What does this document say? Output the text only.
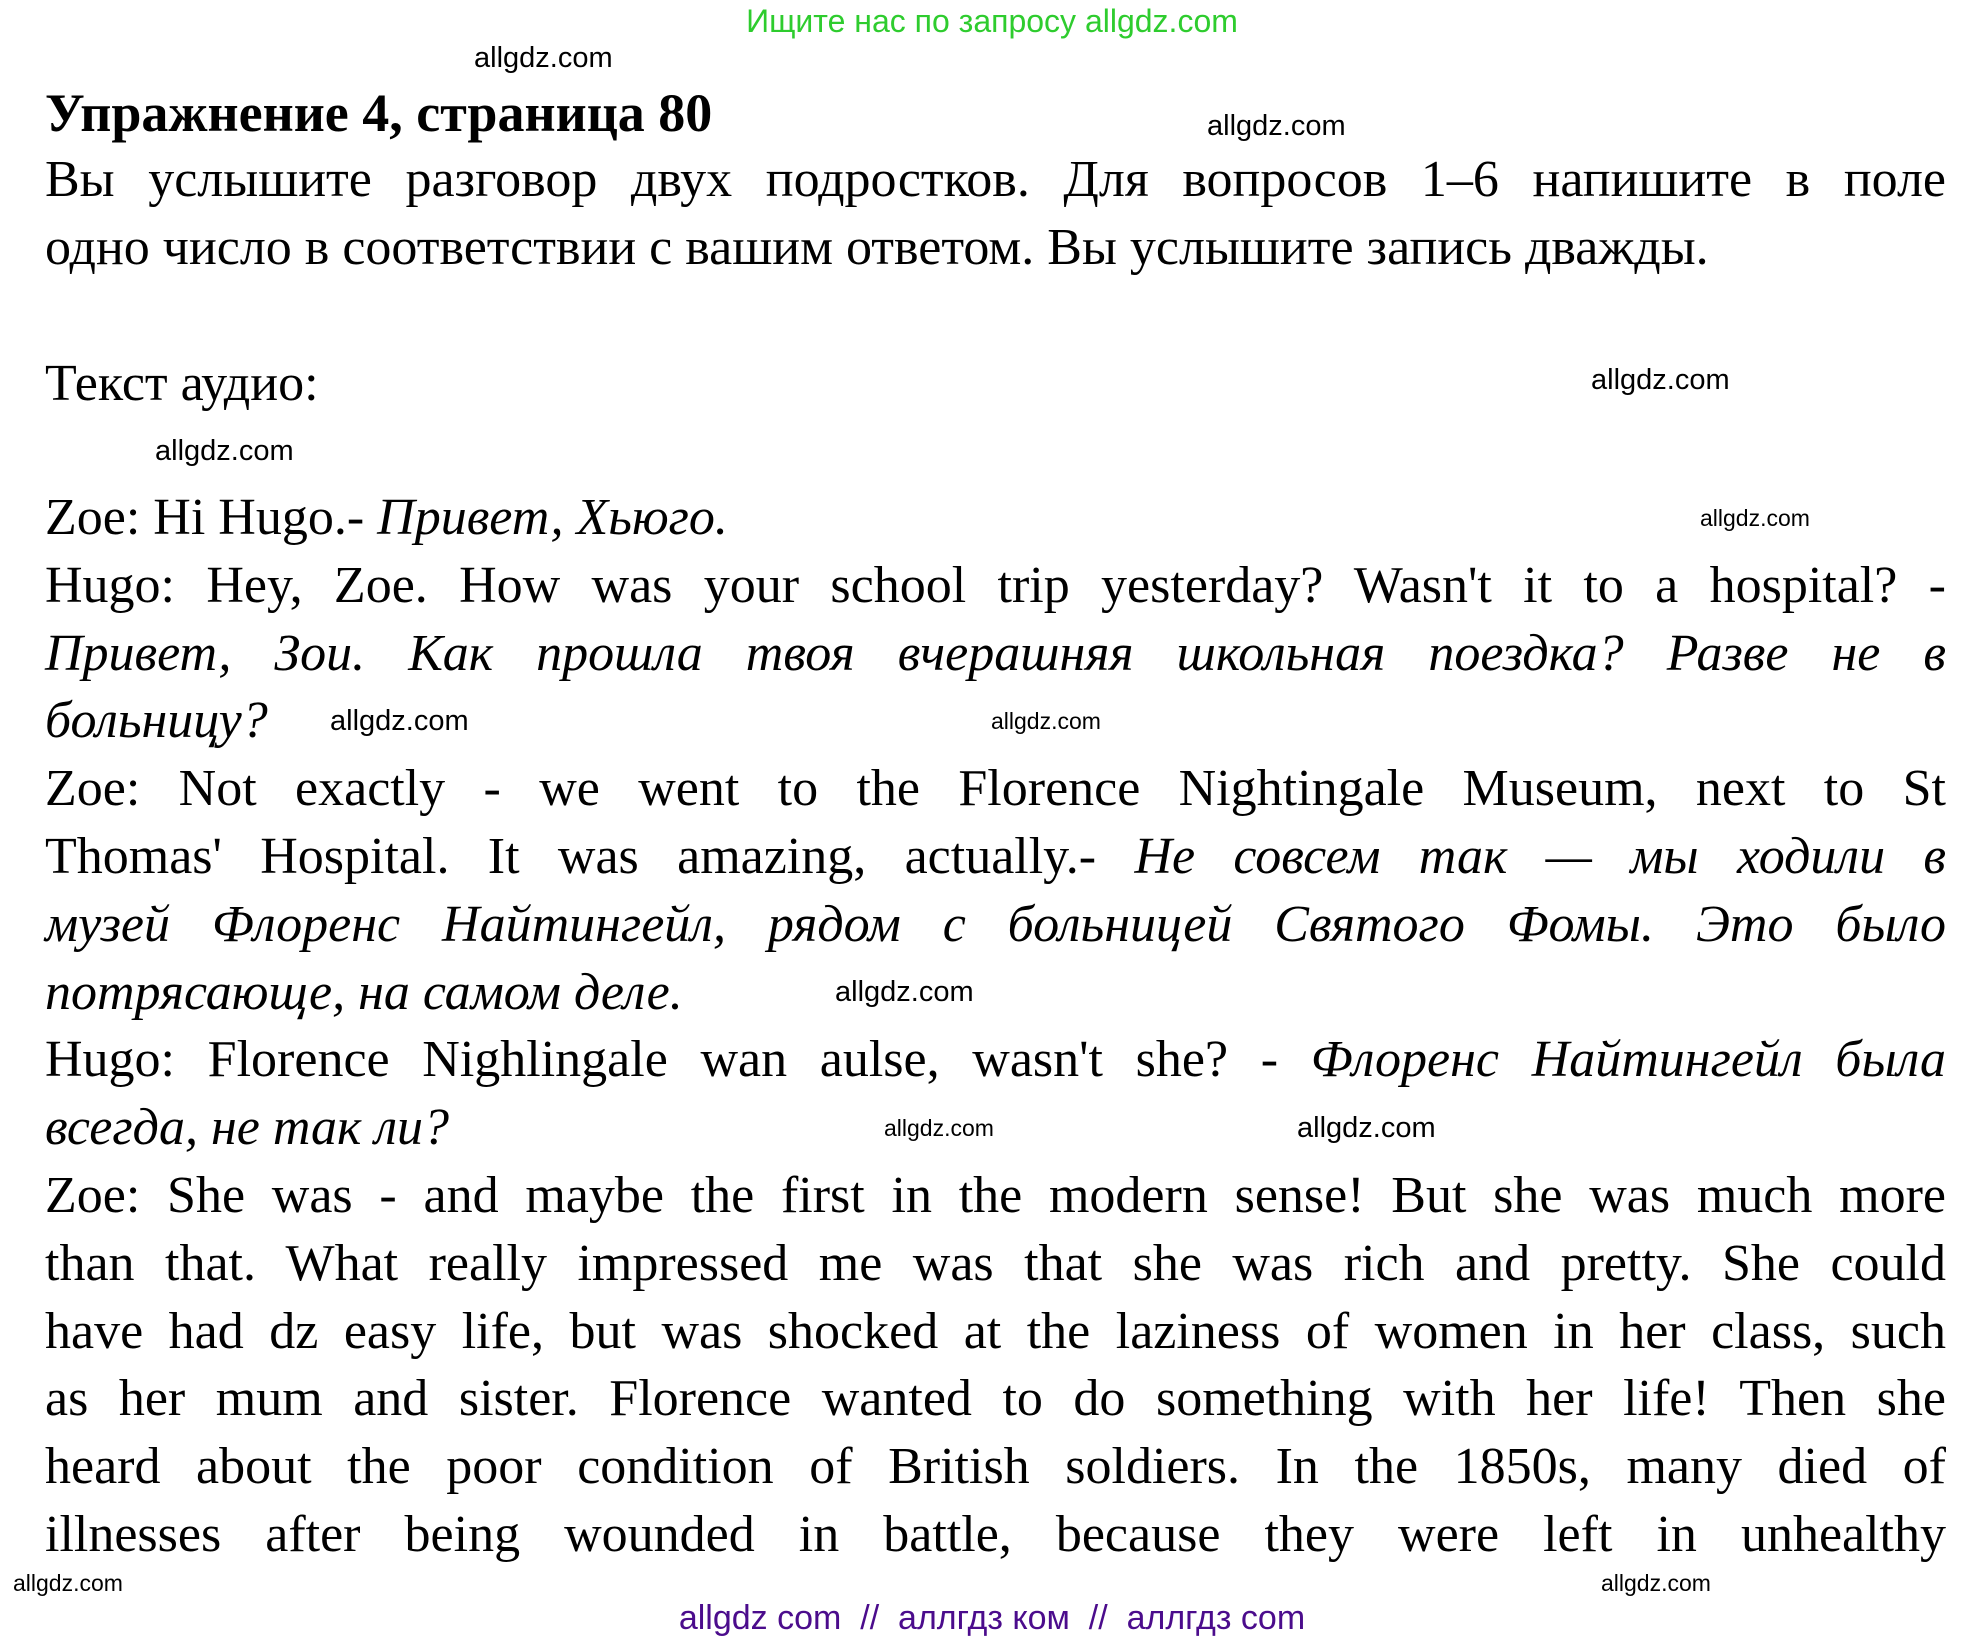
Ищите нас по запросу allgdz.com
Упражнение 4, страница 80
Вы услышите разговор двух подростков. Для вопросов 1–6 напишите в поле
одно число в соответствии с вашим ответом. Вы услышите запись дважды.
Текст аудио:
Zoe: Hi Hugo.- Привет, Хьюго.
Hugo: Hey, Zoe. How was your school trip yesterday? Wasn't it to a hospital? -
Привет, Зои. Как прошла твоя вчерашняя школьная поездка? Разве не в
больницу?
Zoe: Not exactly - we went to the Florence Nightingale Museum, next to St
Thomas' Hospital. It was amazing, actually.- Не совсем так — мы ходили в
музей Флоренс Найтингейл, рядом с больницей Святого Фомы. Это было
потрясающе, на самом деле.
Hugo: Florence Nighlingale wan aulse, wasn't she? - Флоренс Найтингейл была
всегда, не так ли?
Zoe: She was - and maybe the first in the modern sense! But she was much more
than that. What really impressed me was that she was rich and pretty. She could
have had dz easy life, but was shocked at the laziness of women in her class, such
as her mum and sister. Florence wanted to do something with her life! Then she
heard about the poor condition of British soldiers. In the 1850s, many died of
illnesses after being wounded in battle, because they were left in unhealthy
allgdz.com
allgdz.com
allgdz.com
allgdz.com
allgdz.com
allgdz.com
allgdz.com
allgdz.com
allgdz.com
allgdz.com
allgdz.com
allgdz.com
allgdz com  //  аллгдз ком  //  аллгдз com
